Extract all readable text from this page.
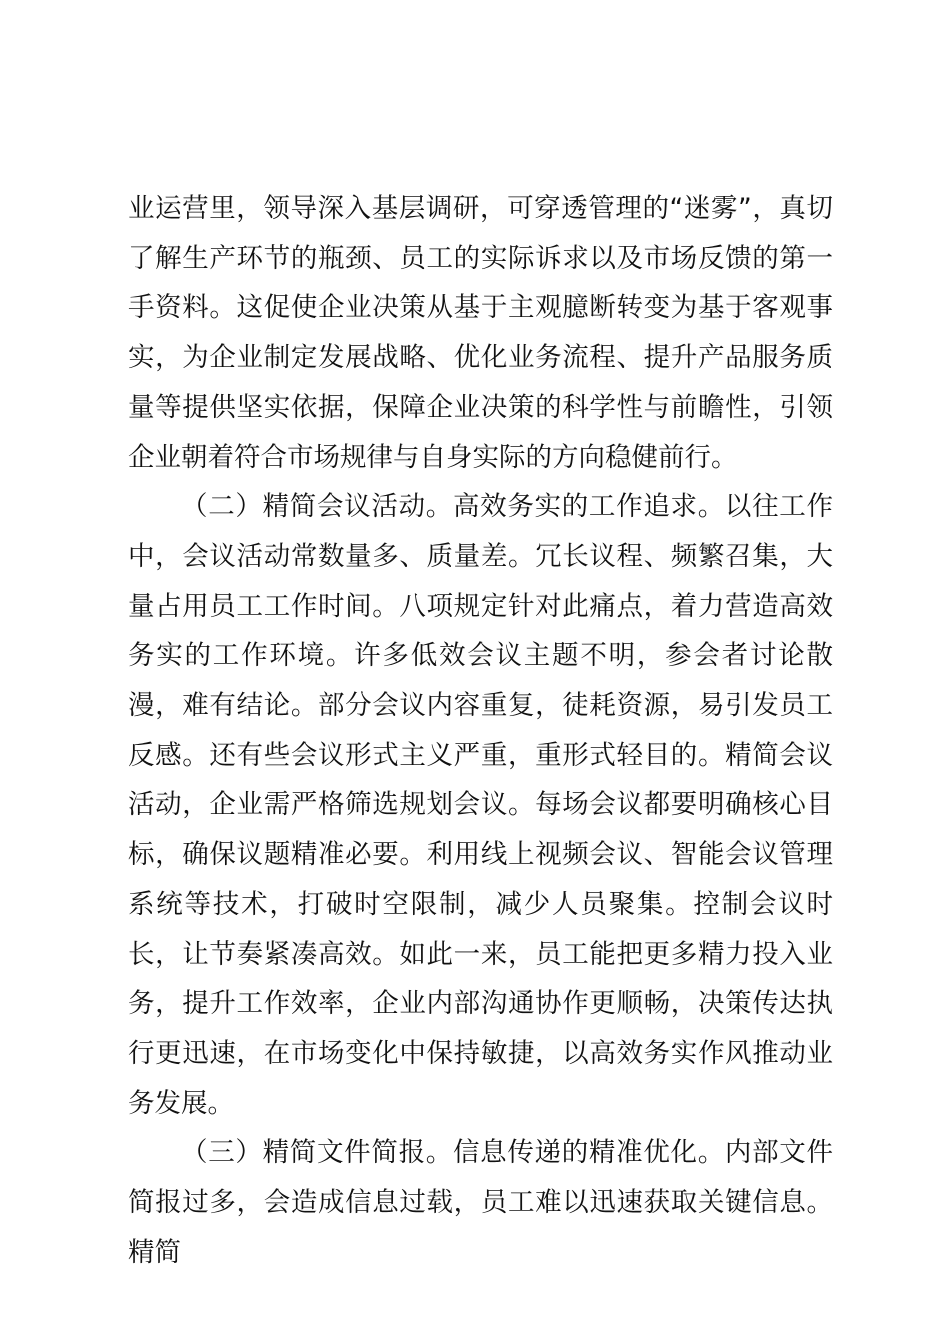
业运营里，领导深入基层调研，可穿透管理的“迷雾”，真切了解生产环节的瓶颈、员工的实际诉求以及市场反馈的第一手资料。这促使企业决策从基于主观臆断转变为基于客观事实，为企业制定发展战略、优化业务流程、提升产品服务质量等提供坚实依据，保障企业决策的科学性与前瞻性，引领企业朝着符合市场规律与自身实际的方向稳健前行。

（二）精简会议活动。高效务实的工作追求。以往工作中，会议活动常数量多、质量差。冗长议程、频繁召集，大量占用员工工作时间。八项规定针对此痛点，着力营造高效务实的工作环境。许多低效会议主题不明，参会者讨论散漫，难有结论。部分会议内容重复，徒耗资源，易引发员工反感。还有些会议形式主义严重，重形式轻目的。精简会议活动，企业需严格筛选规划会议。每场会议都要明确核心目标，确保议题精准必要。利用线上视频会议、智能会议管理系统等技术，打破时空限制，减少人员聚集。控制会议时长，让节奏紧凑高效。如此一来，员工能把更多精力投入业务，提升工作效率，企业内部沟通协作更顺畅，决策传达执行更迅速，在市场变化中保持敏捷，以高效务实作风推动业务发展。

（三）精简文件简报。信息传递的精准优化。内部文件简报过多，会造成信息过载，员工难以迅速获取关键信息。精简
